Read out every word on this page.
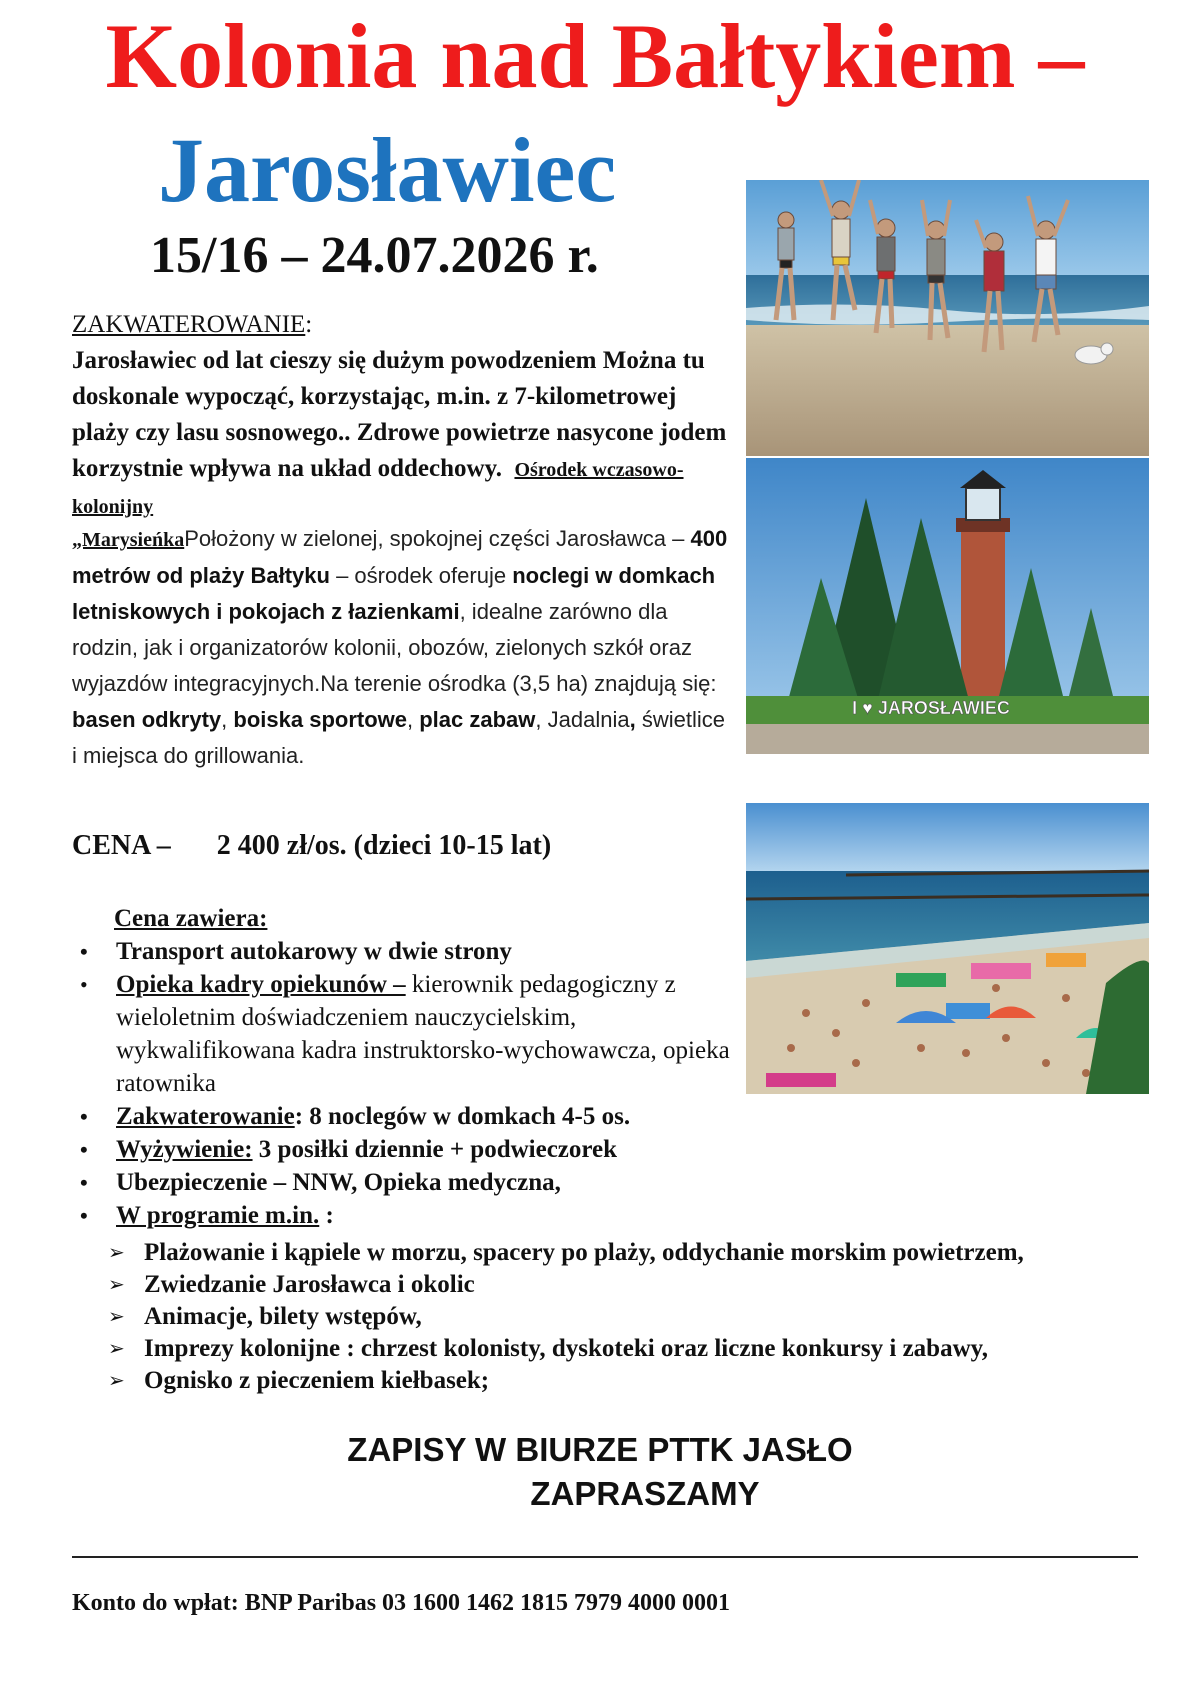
Kolonia nad Bałtykiem –
Jarosławiec
15/16 – 24.07.2026 r.
ZAKWATEROWANIE:
Jarosławiec od lat cieszy się dużym powodzeniem Można tu doskonale wypocząć, korzystając, m.in. z 7-kilometrowej plaży czy lasu sosnowego.. Zdrowe powietrze nasycone jodem korzystnie wpływa na układ oddechowy. Ośrodek wczasowo-kolonijny
„MarysieńkaPołożony w zielonej, spokojnej części Jarosławca – 400 metrów od plaży Bałtyku – ośrodek oferuje noclegi w domkach letniskowych i pokojach z łazienkami, idealne zarówno dla rodzin, jak i organizatorów kolonii, obozów, zielonych szkół oraz wyjazdów integracyjnych.Na terenie ośrodka (3,5 ha) znajdują się: basen odkryty, boiska sportowe, plac zabaw, Jadalnia, świetlice i miejsca do grillowania.
CENA – 2 400 zł/os. (dzieci 10-15 lat)
Cena zawiera:
• Transport autokarowy w dwie strony
• Opieka kadry opiekunów – kierownik pedagogiczny z wieloletnim doświadczeniem nauczycielskim, wykwalifikowana kadra instruktorsko-wychowawcza, opieka ratownika
• Zakwaterowanie: 8 noclegów w domkach 4-5 os.
• Wyżywienie: 3 posiłki dziennie + podwieczorek
• Ubezpieczenie – NNW, Opieka medyczna,
• W programie m.in. :
➢ Plażowanie i kąpiele w morzu, spacery po plaży, oddychanie morskim powietrzem,
➢ Zwiedzanie Jarosławca i okolic
➢ Animacje, bilety wstępów,
➢ Imprezy kolonijne : chrzest kolonisty, dyskoteki oraz liczne konkursy i zabawy,
➢ Ognisko z pieczeniem kiełbasek;
ZAPISY W BIURZE PTTK JASŁO
ZAPRASZAMY
Konto do wpłat: BNP Paribas 03 1600 1462 1815 7979 4000 0001
I ♥ JAROSŁAWIEC
